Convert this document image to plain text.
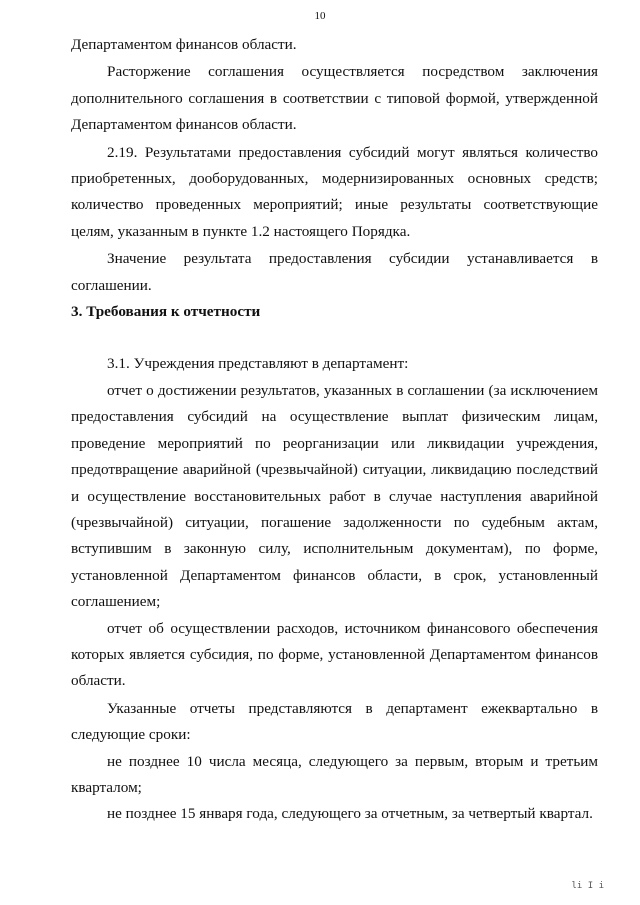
10

Департаментом финансов области.

Расторжение соглашения осуществляется посредством заключения дополнительного соглашения в соответствии с типовой формой, утвержденной Департаментом финансов области.

2.19. Результатами предоставления субсидий могут являться количество приобретенных, дооборудованных, модернизированных основных средств; количество проведенных мероприятий; иные результаты соответствующие целям, указанным в пункте 1.2 настоящего Порядка.

Значение результата предоставления субсидии устанавливается в соглашении.

3. Требования к отчетности

3.1. Учреждения представляют в департамент:

отчет о достижении результатов, указанных в соглашении (за исключением предоставления субсидий на осуществление выплат физическим лицам, проведение мероприятий по реорганизации или ликвидации учреждения, предотвращение аварийной (чрезвычайной) ситуации, ликвидацию последствий и осуществление восстановительных работ в случае наступления аварийной (чрезвычайной) ситуации, погашение задолженности по судебным актам, вступившим в законную силу, исполнительным документам), по форме, установленной Департаментом финансов области, в срок, установленный соглашением;

отчет об осуществлении расходов, источником финансового обеспечения которых является субсидия, по форме, установленной Департаментом финансов области.

Указанные отчеты представляются в департамент ежеквартально в следующие сроки:

не позднее 10 числа месяца, следующего за первым, вторым и третьим кварталом;

не позднее 15 января года, следующего за отчетным, за четвертый квартал.

li I i
